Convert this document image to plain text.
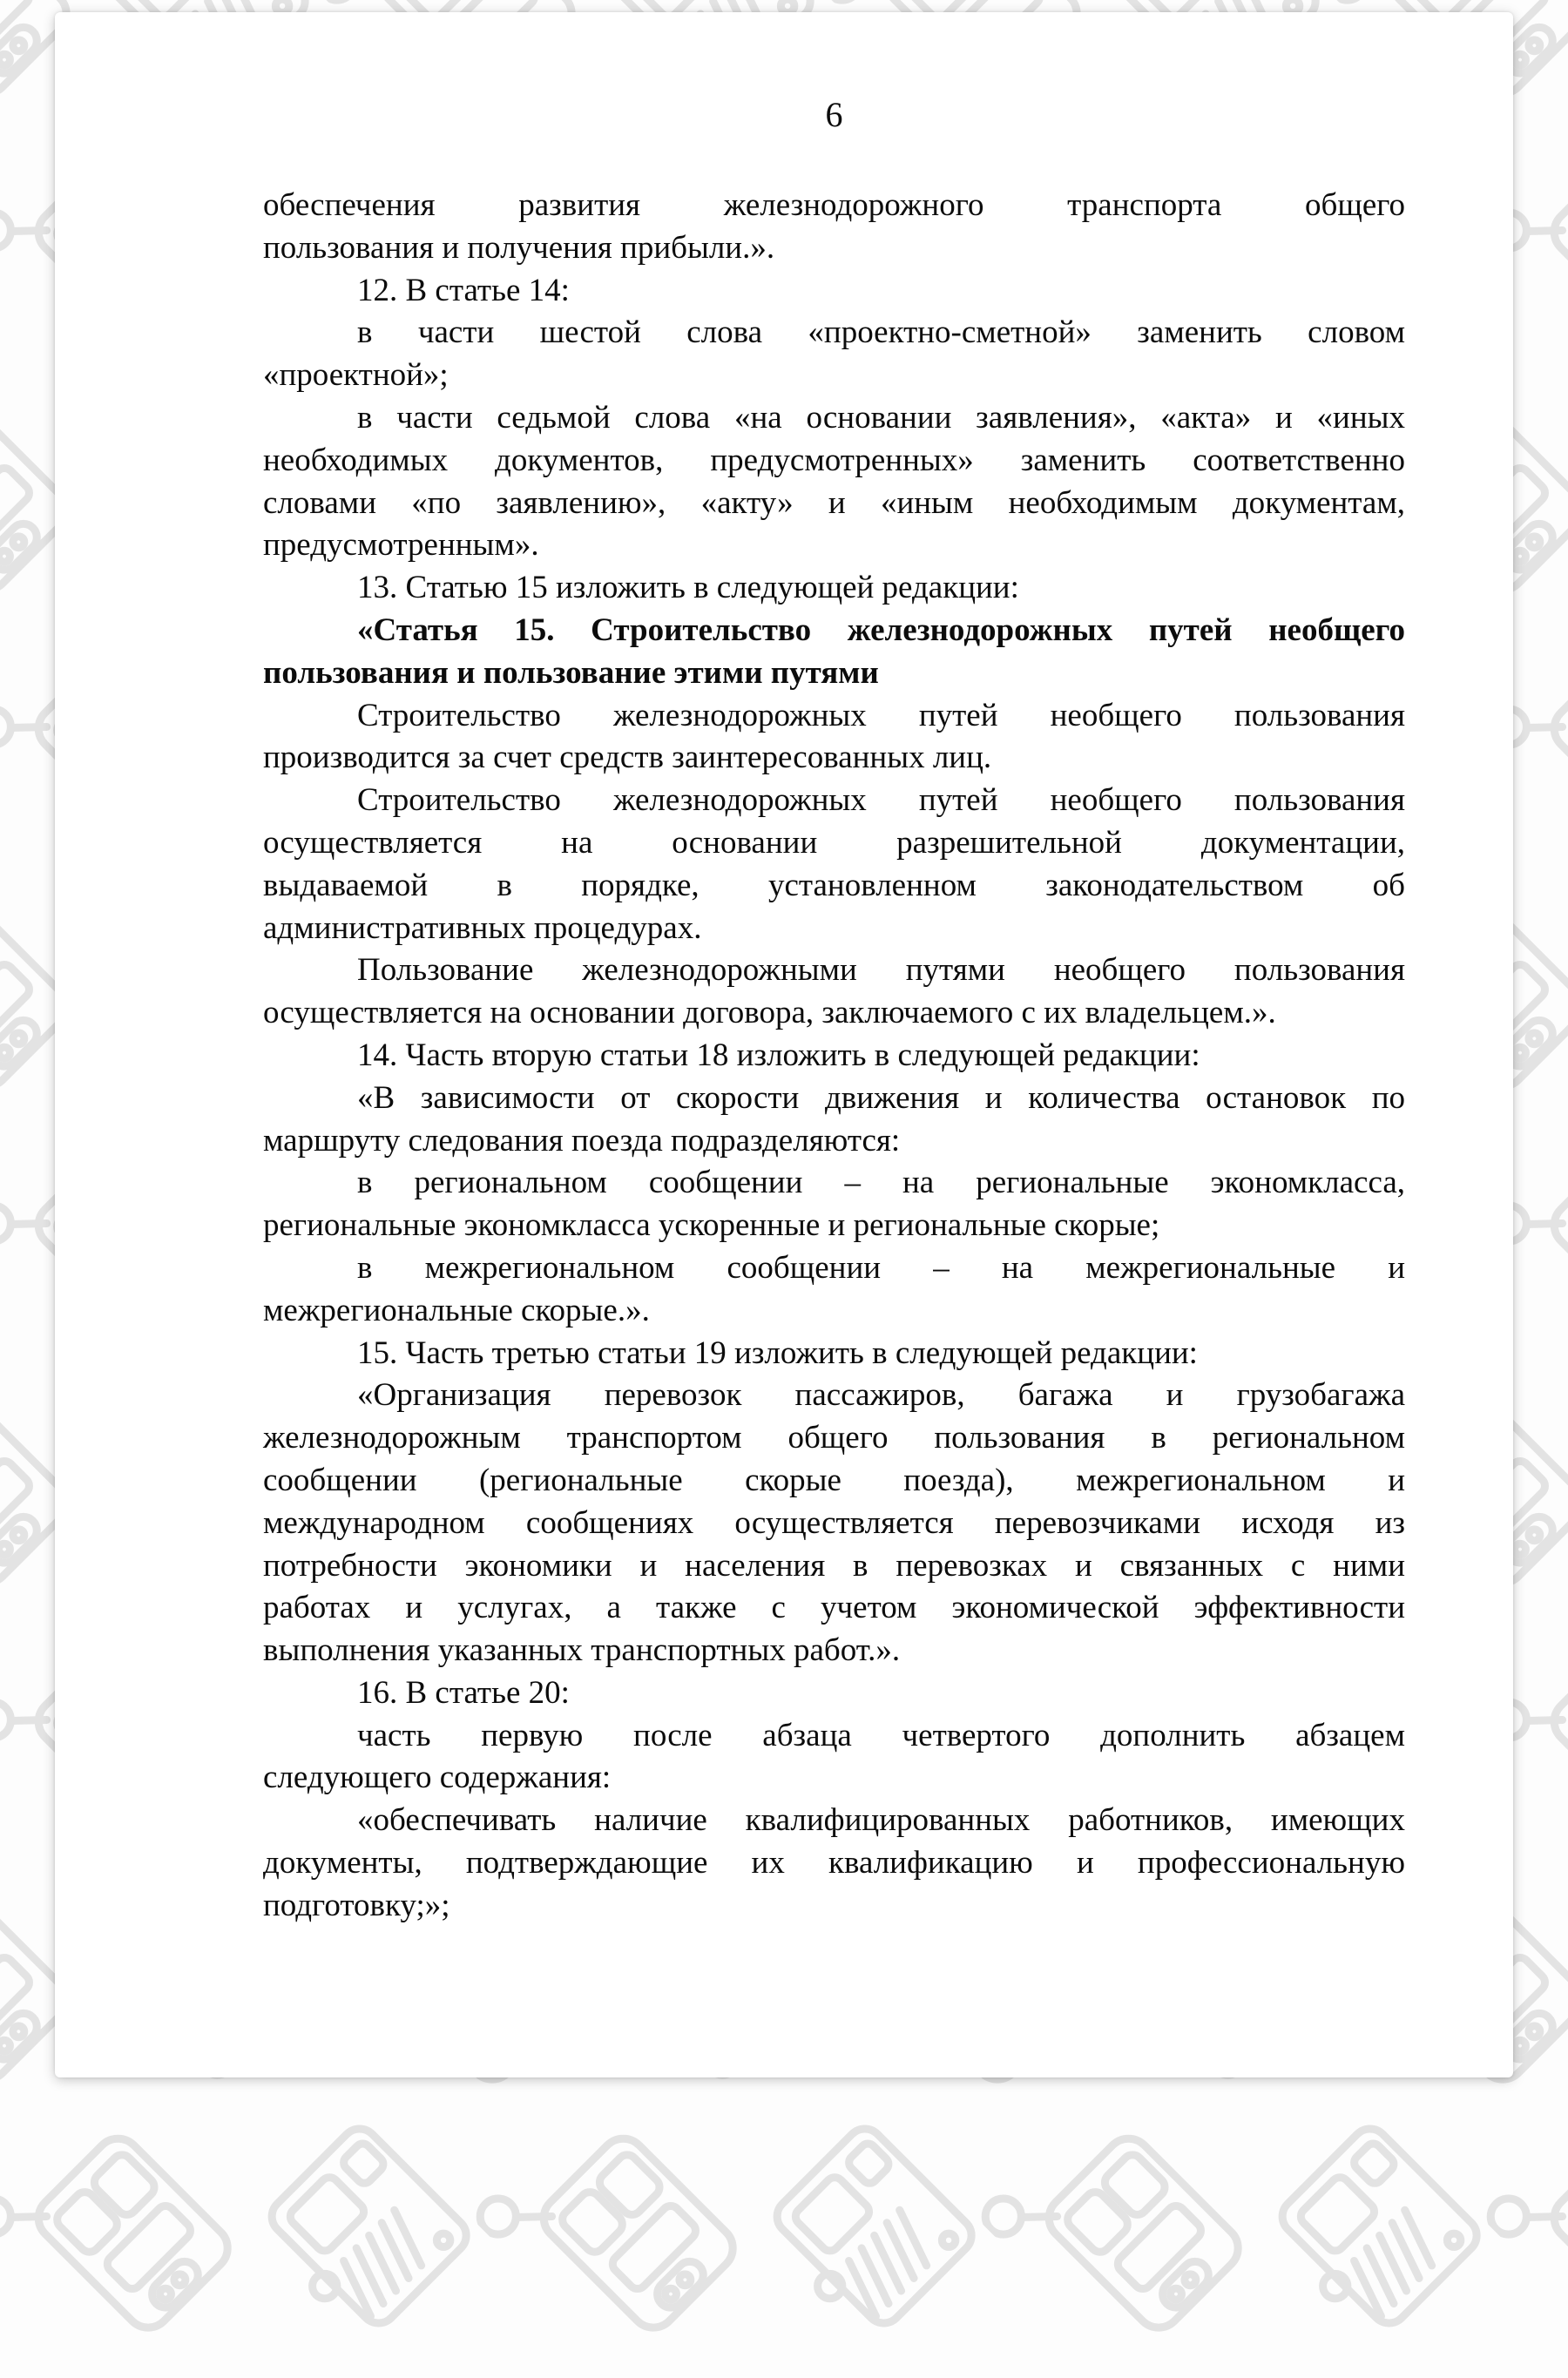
6
обеспечения развития железнодорожного транспорта общего
пользования и получения прибыли.».
12. В статье 14:
в части шестой слова «проектно-сметной» заменить словом
«проектной»;
в части седьмой слова «на основании заявления», «акта» и «иных
необходимых документов, предусмотренных» заменить соответственно
словами «по заявлению», «акту» и «иным необходимым документам,
предусмотренным».
13. Статью 15 изложить в следующей редакции:
«Статья 15. Строительство железнодорожных путей необщего
пользования и пользование этими путями
Строительство железнодорожных путей необщего пользования
производится за счет средств заинтересованных лиц.
Строительство железнодорожных путей необщего пользования
осуществляется на основании разрешительной документации,
выдаваемой в порядке, установленном законодательством об
административных процедурах.
Пользование железнодорожными путями необщего пользования
осуществляется на основании договора, заключаемого с их владельцем.».
14. Часть вторую статьи 18 изложить в следующей редакции:
«В зависимости от скорости движения и количества остановок по
маршруту следования поезда подразделяются:
в региональном сообщении – на региональные экономкласса,
региональные экономкласса ускоренные и региональные скорые;
в межрегиональном сообщении – на межрегиональные и
межрегиональные скорые.».
15. Часть третью статьи 19 изложить в следующей редакции:
«Организация перевозок пассажиров, багажа и грузобагажа
железнодорожным транспортом общего пользования в региональном
сообщении (региональные скорые поезда), межрегиональном и
международном сообщениях осуществляется перевозчиками исходя из
потребности экономики и населения в перевозках и связанных с ними
работах и услугах, а также с учетом экономической эффективности
выполнения указанных транспортных работ.».
16. В статье 20:
часть первую после абзаца четвертого дополнить абзацем
следующего содержания:
«обеспечивать наличие квалифицированных работников, имеющих
документы, подтверждающие их квалификацию и профессиональную
подготовку;»;
